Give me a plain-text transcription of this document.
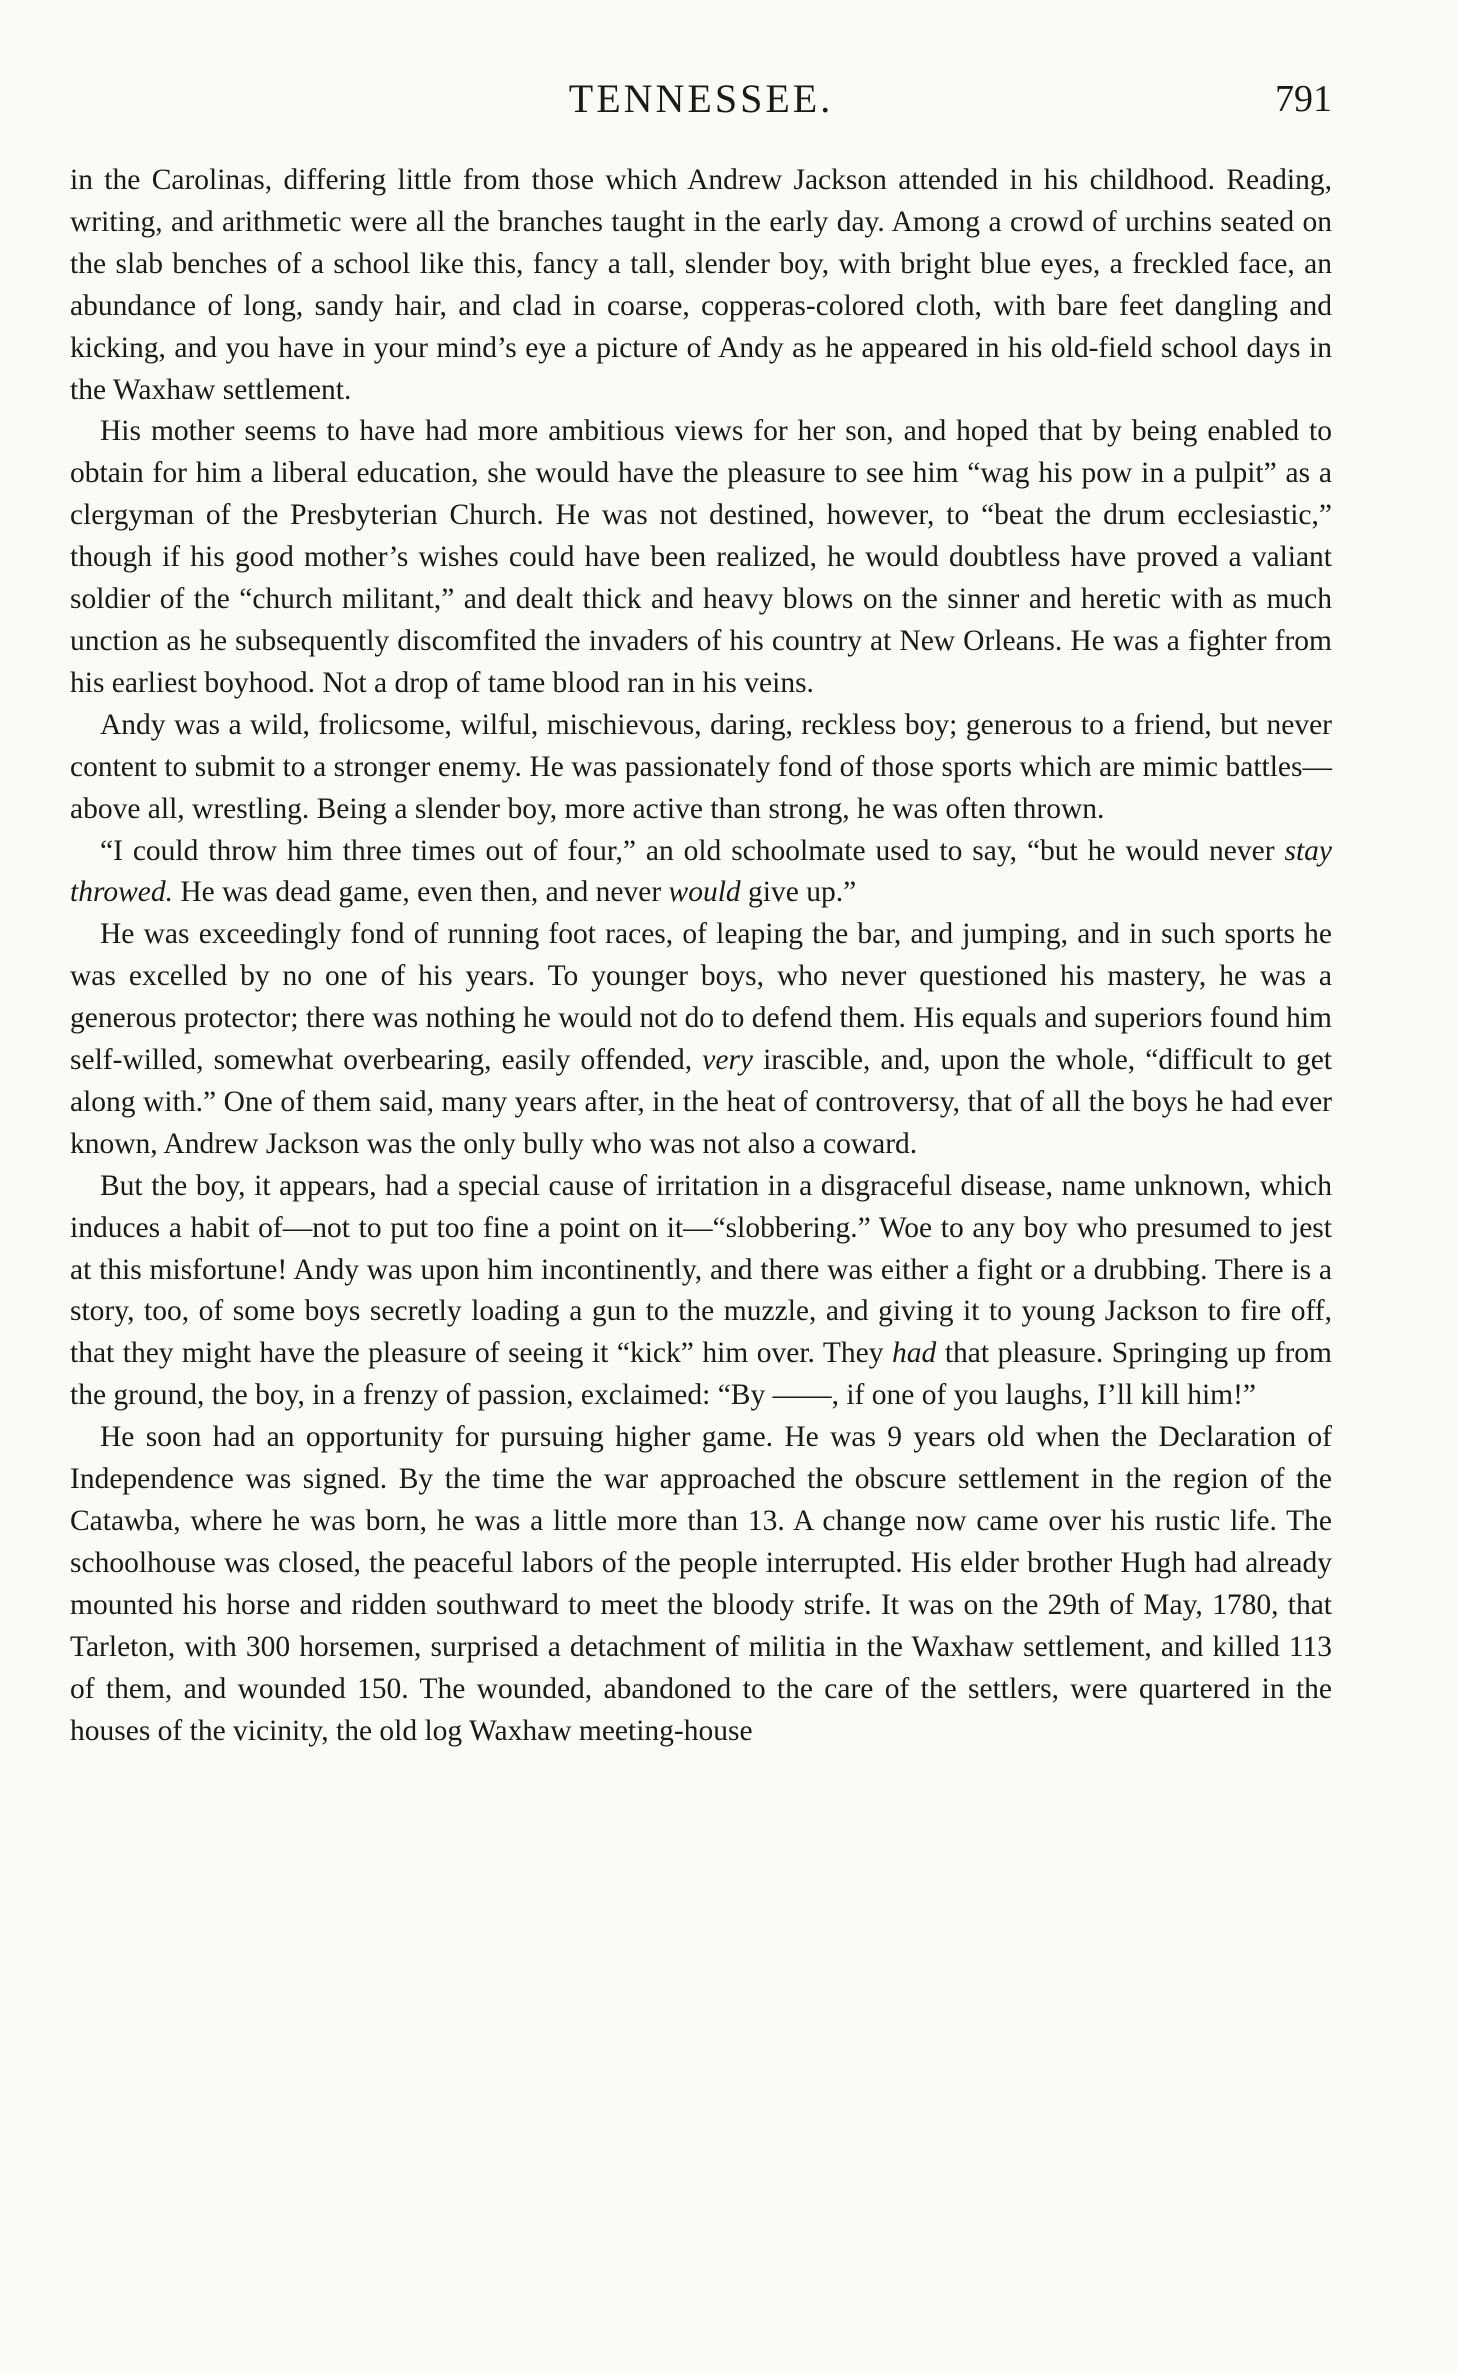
TENNESSEE.	791

in the Carolinas, differing little from those which Andrew Jackson attended in his childhood. Reading, writing, and arithmetic were all the branches taught in the early day. Among a crowd of urchins seated on the slab benches of a school like this, fancy a tall, slender boy, with bright blue eyes, a freckled face, an abundance of long, sandy hair, and clad in coarse, copperas-colored cloth, with bare feet dangling and kicking, and you have in your mind’s eye a picture of Andy as he appeared in his old-field school days in the Waxhaw settlement.

His mother seems to have had more ambitious views for her son, and hoped that by being enabled to obtain for him a liberal education, she would have the pleasure to see him “wag his pow in a pulpit” as a clergyman of the Presbyterian Church. He was not destined, however, to “beat the drum ecclesiastic,” though if his good mother’s wishes could have been realized, he would doubtless have proved a valiant soldier of the “church militant,” and dealt thick and heavy blows on the sinner and heretic with as much unction as he subsequently discomfited the invaders of his country at New Orleans. He was a fighter from his earliest boyhood. Not a drop of tame blood ran in his veins.

Andy was a wild, frolicsome, wilful, mischievous, daring, reckless boy; generous to a friend, but never content to submit to a stronger enemy. He was passionately fond of those sports which are mimic battles—above all, wrestling. Being a slender boy, more active than strong, he was often thrown.

“I could throw him three times out of four,” an old schoolmate used to say, “but he would never stay throwed. He was dead game, even then, and never would give up.”

He was exceedingly fond of running foot races, of leaping the bar, and jumping, and in such sports he was excelled by no one of his years. To younger boys, who never questioned his mastery, he was a generous protector; there was nothing he would not do to defend them. His equals and superiors found him self-willed, somewhat overbearing, easily offended, very irascible, and, upon the whole, “difficult to get along with.” One of them said, many years after, in the heat of controversy, that of all the boys he had ever known, Andrew Jackson was the only bully who was not also a coward.

But the boy, it appears, had a special cause of irritation in a disgraceful disease, name unknown, which induces a habit of—not to put too fine a point on it—“slobbering.” Woe to any boy who presumed to jest at this misfortune! Andy was upon him incontinently, and there was either a fight or a drubbing. There is a story, too, of some boys secretly loading a gun to the muzzle, and giving it to young Jackson to fire off, that they might have the pleasure of seeing it “kick” him over. They had that pleasure. Springing up from the ground, the boy, in a frenzy of passion, exclaimed: “By ——, if one of you laughs, I’ll kill him!”

He soon had an opportunity for pursuing higher game. He was 9 years old when the Declaration of Independence was signed. By the time the war approached the obscure settlement in the region of the Catawba, where he was born, he was a little more than 13. A change now came over his rustic life. The schoolhouse was closed, the peaceful labors of the people interrupted. His elder brother Hugh had already mounted his horse and ridden southward to meet the bloody strife. It was on the 29th of May, 1780, that Tarleton, with 300 horsemen, surprised a detachment of militia in the Waxhaw settlement, and killed 113 of them, and wounded 150. The wounded, abandoned to the care of the settlers, were quartered in the houses of the vicinity, the old log Waxhaw meeting-house
